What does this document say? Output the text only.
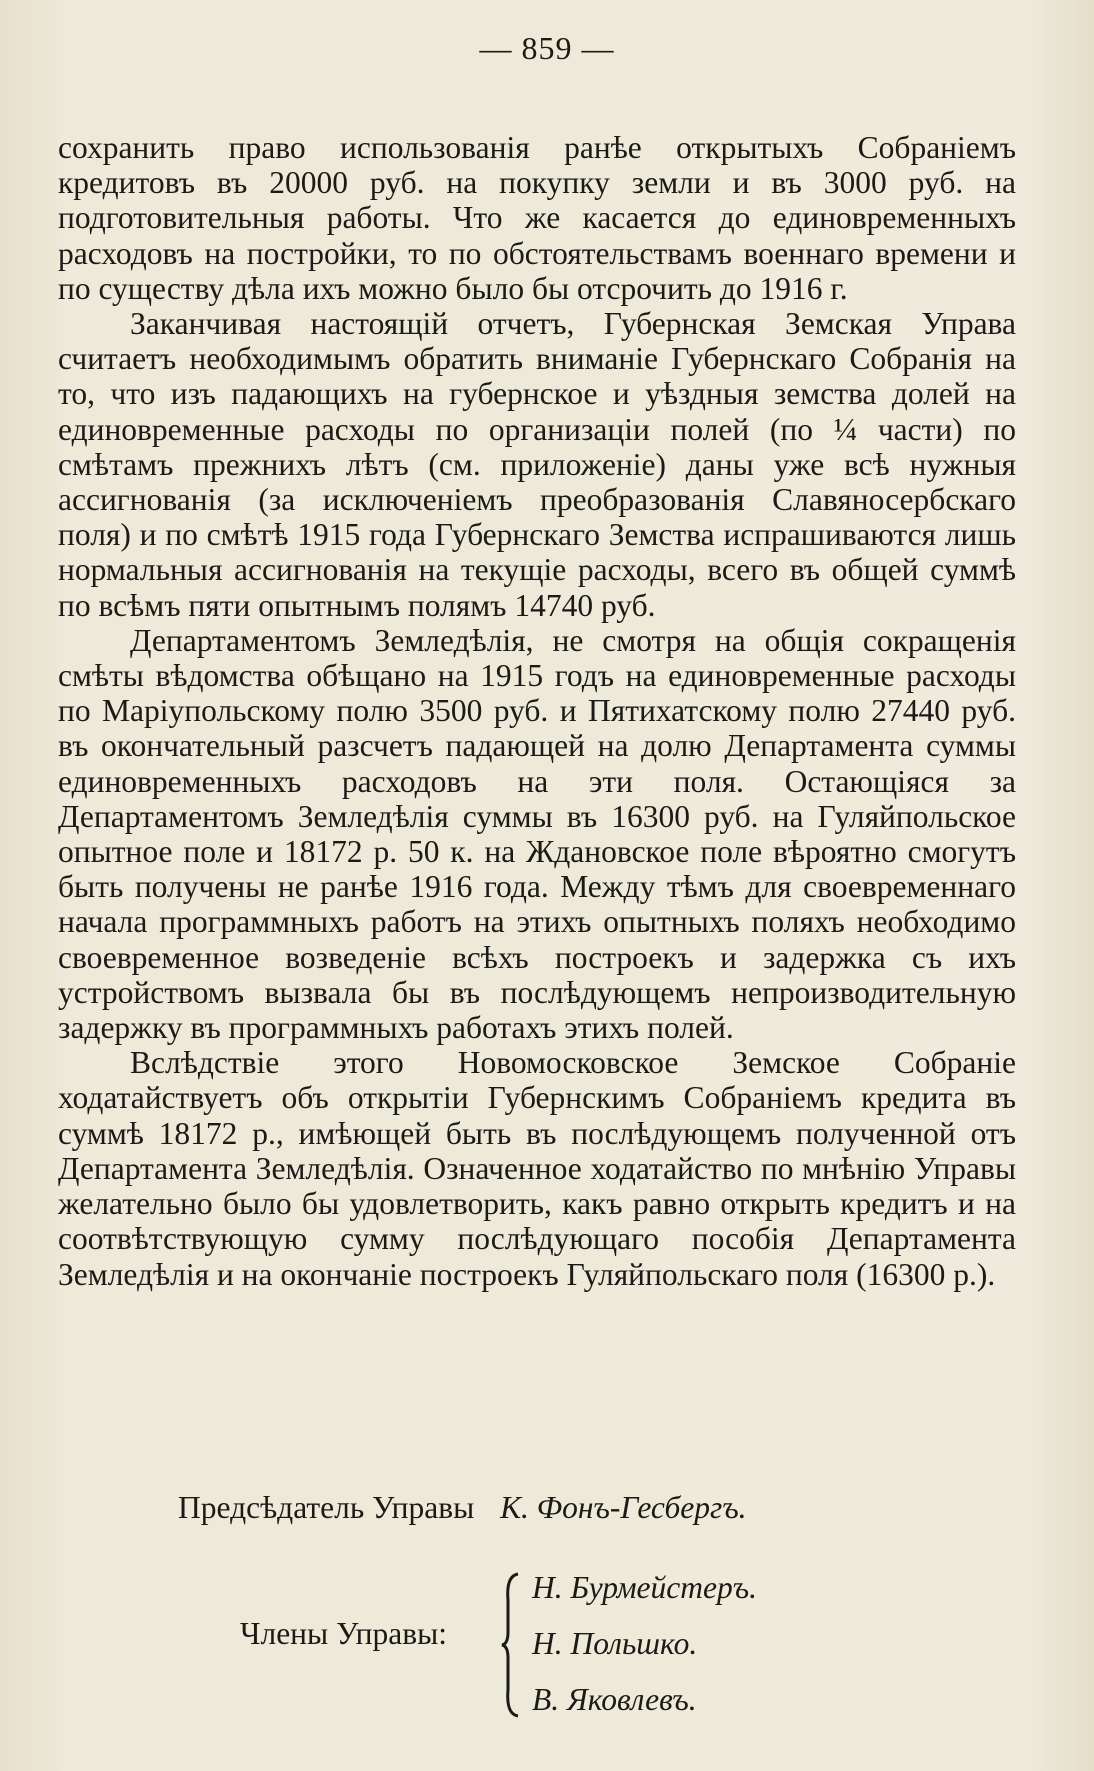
— 859 —

сохранить право использованія ранѣе открытыхъ Собраніемъ кредитовъ въ 20000 руб. на покупку земли и въ 3000 руб. на подготовительныя работы. Что же касается до единовременныхъ расходовъ на постройки, то по обстоятельствамъ военнаго времени и по существу дѣла ихъ можно было бы отсрочить до 1916 г.

Заканчивая настоящій отчетъ, Губернская Земская Управа считаетъ необходимымъ обратить вниманіе Губернскаго Собранія на то, что изъ падающихъ на губернское и уѣздныя земства долей на единовременные расходы по организаціи полей (по ¼ части) по смѣтамъ прежнихъ лѣтъ (см. приложеніе) даны уже всѣ нужныя ассигнованія (за исключеніемъ преобразованія Славяносербскаго поля) и по смѣтѣ 1915 года Губернскаго Земства испрашиваются лишь нормальныя ассигнованія на текущіе расходы, всего въ общей суммѣ по всѣмъ пяти опытнымъ полямъ 14740 руб.

Департаментомъ Земледѣлія, не смотря на общія сокращенія смѣты вѣдомства обѣщано на 1915 годъ на единовременные расходы по Маріупольскому полю 3500 руб. и Пятихатскому полю 27440 руб. въ окончательный разсчетъ падающей на долю Департамента суммы единовременныхъ расходовъ на эти поля. Остающіяся за Департаментомъ Земледѣлія суммы въ 16300 руб. на Гуляйпольское опытное поле и 18172 р. 50 к. на Ждановское поле вѣроятно смогутъ быть получены не ранѣе 1916 года. Между тѣмъ для своевременнаго начала программныхъ работъ на этихъ опытныхъ поляхъ необходимо своевременное возведеніе всѣхъ построекъ и задержка съ ихъ устройствомъ вызвала бы въ послѣдующемъ непроизводительную задержку въ программныхъ работахъ этихъ полей.

Вслѣдствіе этого Новомосковское Земское Собраніе ходатайствуетъ объ открытіи Губернскимъ Собраніемъ кредита въ суммѣ 18172 р., имѣющей быть въ послѣдующемъ полученной отъ Департамента Земледѣлія. Означенное ходатайство по мнѣнію Управы желательно было бы удовлетворить, какъ равно открыть кредитъ и на соотвѣтствующую сумму послѣдующаго пособія Департамента Земледѣлія и на окончаніе построекъ Гуляйпольскаго поля (16300 р.).

Предсѣдатель Управы К. Фонъ-Гесбергъ.
Члены Управы:
Н. Бурмейстеръ.
Н. Польшко.
В. Яковлевъ.
